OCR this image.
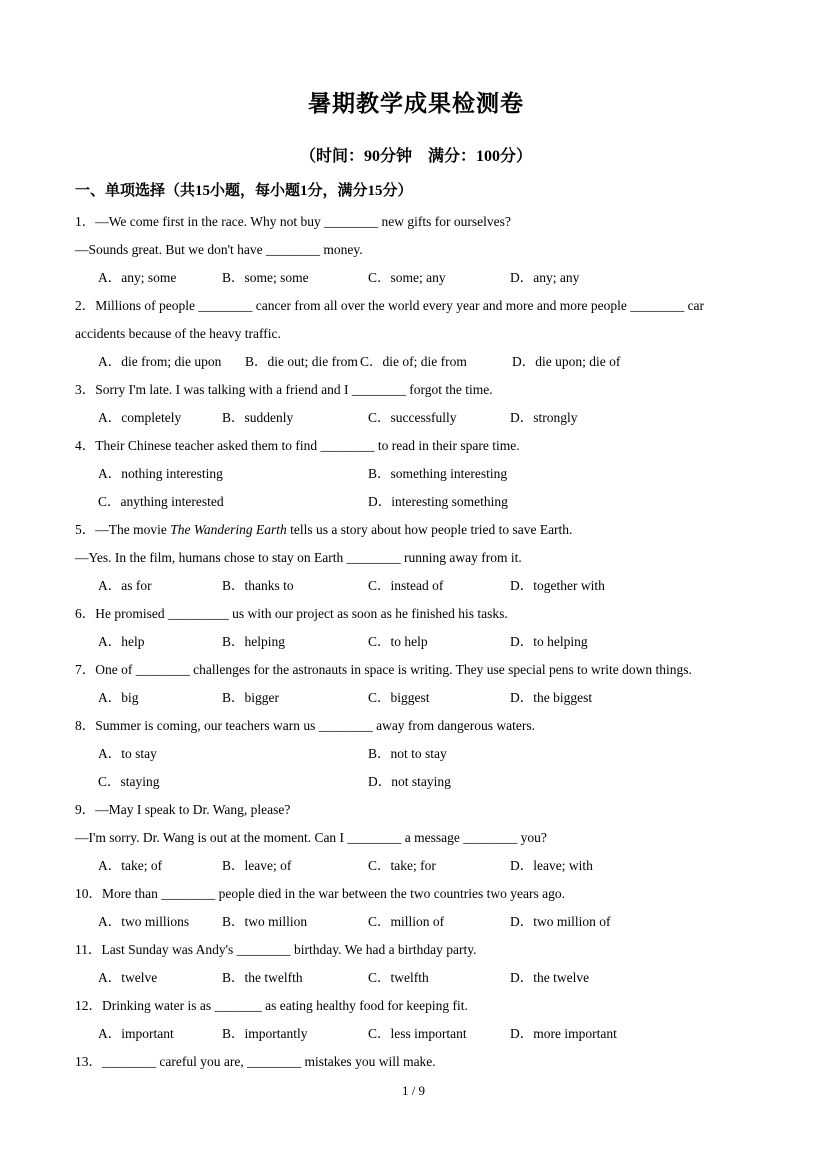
暑期教学成果检测卷
（时间：90分钟　满分：100分）
一、单项选择（共15小题，每小题1分，满分15分）
1．—We come first in the race. Why not buy ________ new gifts for ourselves?
—Sounds great. But we don't have ________ money.
A．any; some	B．some; some	C．some; any	D．any; any
2．Millions of people ________ cancer from all over the world every year and more and more people ________ car
accidents because of the heavy traffic.
A．die from; die upon	B．die out; die from C．die of; die from	D．die upon; die of
3．Sorry I'm late. I was talking with a friend and I ________ forgot the time.
A．completely	B．suddenly	C．successfully	D．strongly
4．Their Chinese teacher asked them to find ________ to read in their spare time.
A．nothing interesting	B．something interesting
C．anything interested	D．interesting something
5．—The movie The Wandering Earth tells us a story about how people tried to save Earth.
—Yes. In the film, humans chose to stay on Earth ________ running away from it.
A．as for	B．thanks to	C．instead of	D．together with
6．He promised _________ us with our project as soon as he finished his tasks.
A．help	B．helping	C．to help	D．to helping
7．One of ________ challenges for the astronauts in space is writing. They use special pens to write down things.
A．big	B．bigger	C．biggest	D．the biggest
8．Summer is coming, our teachers warn us ________ away from dangerous waters.
A．to stay	B．not to stay
C．staying	D．not staying
9．—May I speak to Dr. Wang, please?
—I'm sorry. Dr. Wang is out at the moment. Can I ________ a message ________ you?
A．take; of	B．leave; of	C．take; for	D．leave; with
10．More than ________ people died in the war between the two countries two years ago.
A．two millions	B．two million	C．million of	D．two million of
11．Last Sunday was Andy's ________ birthday. We had a birthday party.
A．twelve	B．the twelfth	C．twelfth	D．the twelve
12．Drinking water is as _______ as eating healthy food for keeping fit.
A．important	B．importantly	C．less important	D．more important
13．________ careful you are, ________ mistakes you will make.
1 / 9
